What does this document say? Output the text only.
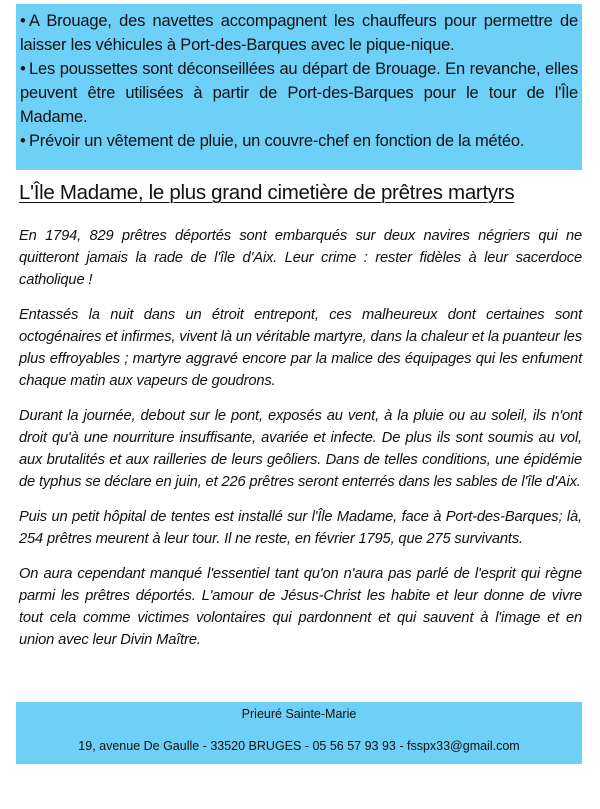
• A Brouage, des navettes accompagnent les chauffeurs pour permettre de laisser les véhicules à Port-des-Barques avec le pique-nique.

• Les poussettes sont déconseillées au départ de Brouage. En revanche, elles peuvent être utilisées à partir de Port-des-Barques pour le tour de l'Île Madame.

• Prévoir un vêtement de pluie, un couvre-chef en fonction de la météo.

L'Île Madame, le plus grand cimetière de prêtres martyrs

En 1794, 829 prêtres déportés sont embarqués sur deux navires négriers qui ne quitteront jamais la rade de l'île d'Aix. Leur crime : rester fidèles à leur sacerdoce catholique !

Entassés la nuit dans un étroit entrepont, ces malheureux dont certaines sont octogénaires et infirmes, vivent là un véritable martyre, dans la chaleur et la puanteur les plus effroyables ; martyre aggravé encore par la malice des équipages qui les enfument chaque matin aux vapeurs de goudrons.

Durant la journée, debout sur le pont, exposés au vent, à la pluie ou au soleil, ils n'ont droit qu'à une nourriture insuffisante, avariée et infecte. De plus ils sont soumis au vol, aux brutalités et aux railleries de leurs geôliers. Dans de telles conditions, une épidémie de typhus se déclare en juin, et 226 prêtres seront enterrés dans les sables de l'île d'Aix.

Puis un petit hôpital de tentes est installé sur l'Île Madame, face à Port-des-Barques; là, 254 prêtres meurent à leur tour. Il ne reste, en février 1795, que 275 survivants.

On aura cependant manqué l'essentiel tant qu'on n'aura pas parlé de l'esprit qui règne parmi les prêtres déportés. L'amour de Jésus-Christ les habite et leur donne de vivre tout cela comme victimes volontaires qui pardonnent et qui sauvent à l'image et en union avec leur Divin Maître.

Prieuré Sainte-Marie
19, avenue De Gaulle - 33520 BRUGES - 05 56 57 93 93 - fsspx33@gmail.com
